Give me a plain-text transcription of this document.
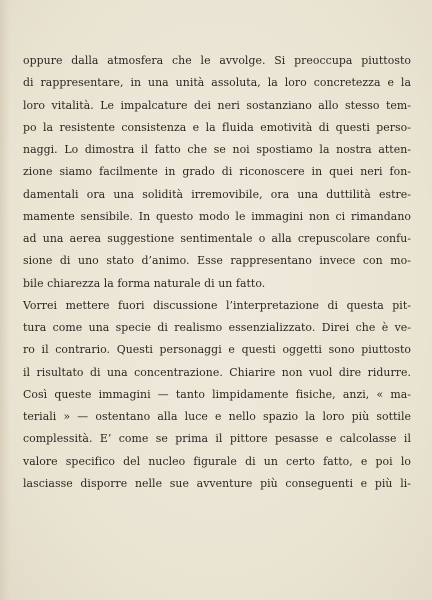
oppure dalla atmosfera che le avvolge. Si preoccupa piuttosto
di rappresentare, in una unità assoluta, la loro concretezza e la
loro vitalità. Le impalcature dei neri sostanziano allo stesso tem-
po la resistente consistenza e la fluida emotività di questi perso-
naggi. Lo dimostra il fatto che se noi spostiamo la nostra atten-
zione siamo facilmente in grado di riconoscere in quei neri fon-
damentali ora una solidità irremovibile, ora una duttilità estre-
mamente sensibile. In questo modo le immagini non ci rimandano
ad una aerea suggestione sentimentale o alla crepuscolare confu-
sione di uno stato d’animo. Esse rappresentano invece con mo-
bile chiarezza la forma naturale di un fatto.
Vorrei mettere fuori discussione l’interpretazione di questa pit-
tura come una specie di realismo essenzializzato. Direi che è ve-
ro il contrario. Questi personaggi e questi oggetti sono piuttosto
il risultato di una concentrazione. Chiarire non vuol dire ridurre.
Così queste immagini — tanto limpidamente fisiche, anzi, « ma-
teriali » — ostentano alla luce e nello spazio la loro più sottile
complessità. E’ come se prima il pittore pesasse e calcolasse il
valore specifico del nucleo figurale di un certo fatto, e poi lo
lasciasse disporre nelle sue avventure più conseguenti e più li-
